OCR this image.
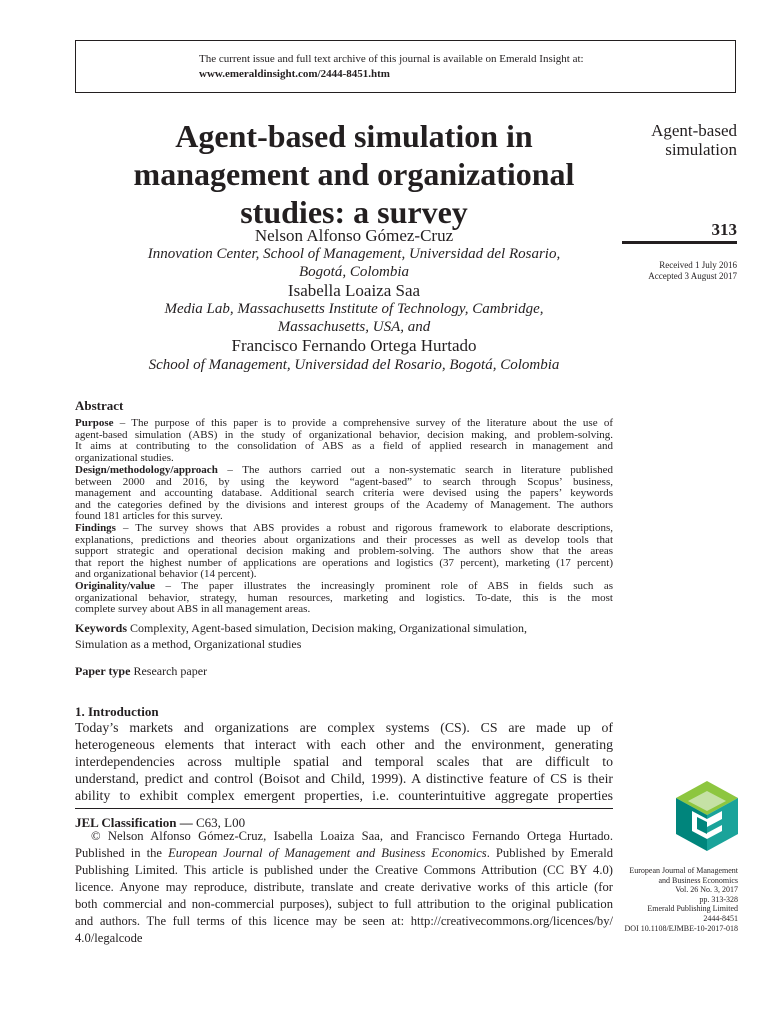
The current issue and full text archive of this journal is available on Emerald Insight at:
www.emeraldinsight.com/2444-8451.htm
Agent-based simulation in
management and organizational
studies: a survey
Nelson Alfonso Gómez-Cruz
Innovation Center, School of Management, Universidad del Rosario,
Bogotá, Colombia
Isabella Loaiza Saa
Media Lab, Massachusetts Institute of Technology, Cambridge,
Massachusetts, USA, and
Francisco Fernando Ortega Hurtado
School of Management, Universidad del Rosario, Bogotá, Colombia
Agent-based
simulation
313
Received 1 July 2016
Accepted 3 August 2017
Abstract
Purpose – The purpose of this paper is to provide a comprehensive survey of the literature about the use of
agent-based simulation (ABS) in the study of organizational behavior, decision making, and problem-solving.
It aims at contributing to the consolidation of ABS as a field of applied research in management and
organizational studies.
Design/methodology/approach – The authors carried out a non-systematic search in literature published
between 2000 and 2016, by using the keyword “agent-based” to search through Scopus’ business,
management and accounting database. Additional search criteria were devised using the papers’ keywords
and the categories defined by the divisions and interest groups of the Academy of Management. The authors
found 181 articles for this survey.
Findings – The survey shows that ABS provides a robust and rigorous framework to elaborate descriptions,
explanations, predictions and theories about organizations and their processes as well as develop tools that
support strategic and operational decision making and problem-solving. The authors show that the areas
that report the highest number of applications are operations and logistics (37 percent), marketing (17 percent)
and organizational behavior (14 percent).
Originality/value – The paper illustrates the increasingly prominent role of ABS in fields such as
organizational behavior, strategy, human resources, marketing and logistics. To-date, this is the most
complete survey about ABS in all management areas.
Keywords Complexity, Agent-based simulation, Decision making, Organizational simulation,
Simulation as a method, Organizational studies
Paper type Research paper
1. Introduction
Today’s markets and organizations are complex systems (CS). CS are made up of
heterogeneous elements that interact with each other and the environment, generating
interdependencies across multiple spatial and temporal scales that are difficult to
understand, predict and control (Boisot and Child, 1999). A distinctive feature of CS is their
ability to exhibit complex emergent properties, i.e. counterintuitive aggregate properties
JEL Classification — C63, L00
© Nelson Alfonso Gómez-Cruz, Isabella Loaiza Saa, and Francisco Fernando Ortega Hurtado.
Published in the European Journal of Management and Business Economics. Published by Emerald
Publishing Limited. This article is published under the Creative Commons Attribution (CC BY 4.0)
licence. Anyone may reproduce, distribute, translate and create derivative works of this article (for
both commercial and non-commercial purposes), subject to full attribution to the original publication
and authors. The full terms of this licence may be seen at: http://creativecommons.org/licences/by/
4.0/legalcode
European Journal of Management
and Business Economics
Vol. 26 No. 3, 2017
pp. 313-328
Emerald Publishing Limited
2444-8451
DOI 10.1108/EJMBE-10-2017-018
